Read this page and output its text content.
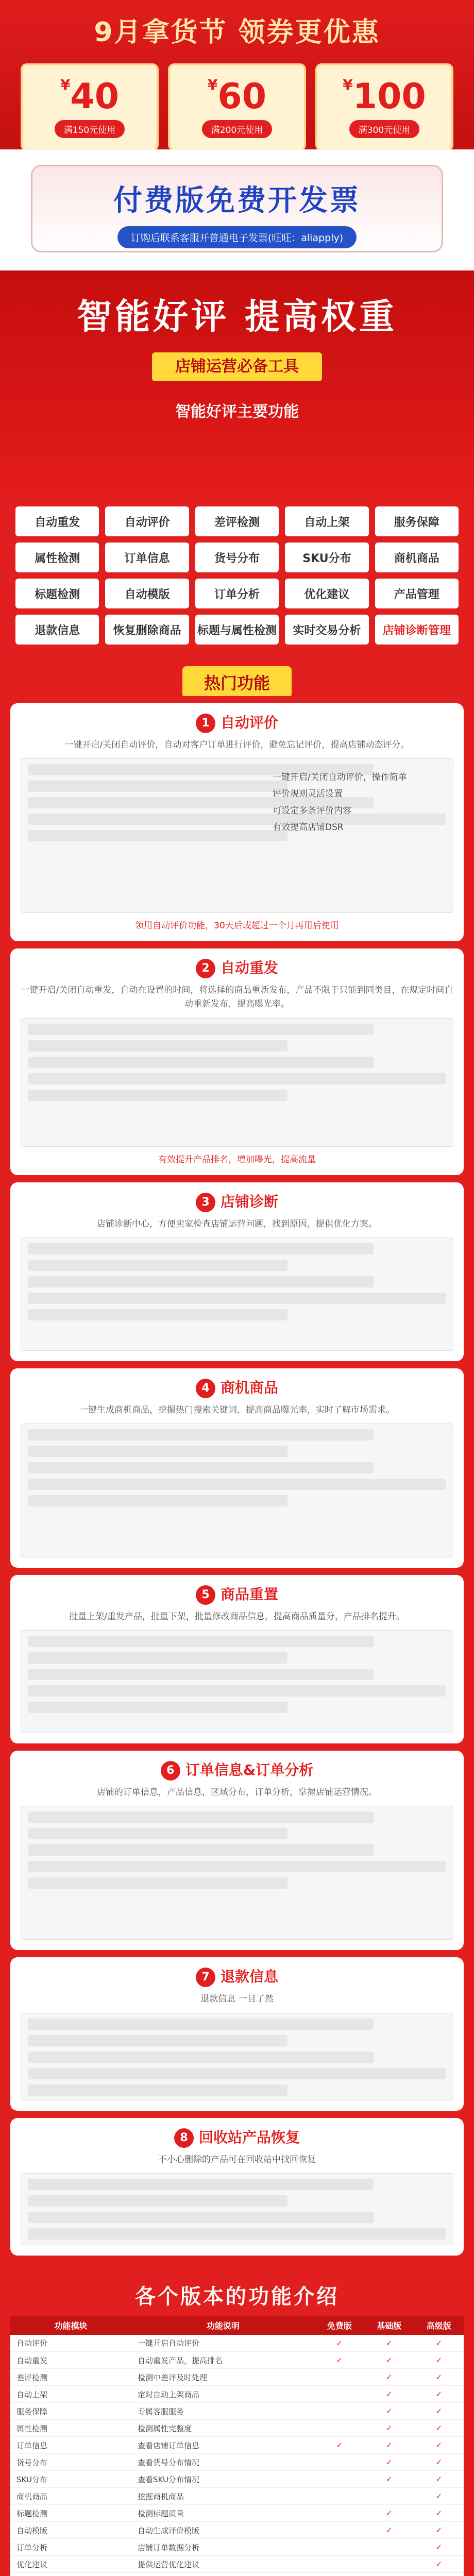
9月拿货节 领券更优惠
¥40
满150元使用
¥60
满200元使用
¥100
满300元使用
付费版免费开发票
订购后联系客服开普通电子发票(旺旺：aliapply)
智能好评 提高权重
店铺运营必备工具
智能好评主要功能
自动重发	自动评价	差评检测	自动上架	服务保障
属性检测	订单信息	货号分布	SKU分布	商机商品
标题检测	自动模版	订单分析	优化建议	产品管理
退款信息	恢复删除商品	标题与属性检测	实时交易分析	店铺诊断管理
热门功能
1 自动评价
一键开启/关闭自动评价，自动对客户订单进行评价，避免忘记评价，提高店铺动态评分。
一键开启/关闭自动评价，操作简单
评价规则灵活设置
可设定多条评价内容
有效提高店铺DSR
领用自动评价功能，30天后或超过一个月再用后使用
2 自动重发
一键开启/关闭自动重发，自动在设置的时间，将选择的商品重新发布，产品不限于只能到同类目，在规定时间自动重新发布，提高曝光率。
有效提升产品排名，增加曝光，提高流量
3 店铺诊断
店铺诊断中心，方便卖家检查店铺运营问题，找到原因，提供优化方案。
4 商机商品
一键生成商机商品，挖掘热门搜索关键词，提高商品曝光率，实时了解市场需求。
5 商品重置
批量上架/重发产品，批量下架，批量修改商品信息，提高商品质量分，产品排名提升。
6 订单信息&订单分析
店铺的订单信息，产品信息，区域分布，订单分析，掌握店铺运营情况。
7 退款信息
退款信息 一目了然
8 回收站产品恢复
不小心删除的产品可在回收站中找回恢复
各个版本的功能介绍
功能模块	功能说明	免费版	基础版	高级版
自动评价	一键开启自动评价	✓	✓	✓
自动重发	自动重发产品，提高排名	✓	✓	✓
差评检测	检测中差评及时处理		✓	✓
自动上架	定时自动上架商品		✓	✓
服务保障	专属客服服务		✓	✓
属性检测	检测属性完整度		✓	✓
订单信息	查看店铺订单信息	✓	✓	✓
货号分布	查看货号分布情况		✓	✓
SKU分布	查看SKU分布情况		✓	✓
商机商品	挖掘商机商品			✓
标题检测	检测标题质量		✓	✓
自动模版	自动生成评价模版		✓	✓
订单分析	店铺订单数据分析			✓
优化建议	提供运营优化建议			✓
